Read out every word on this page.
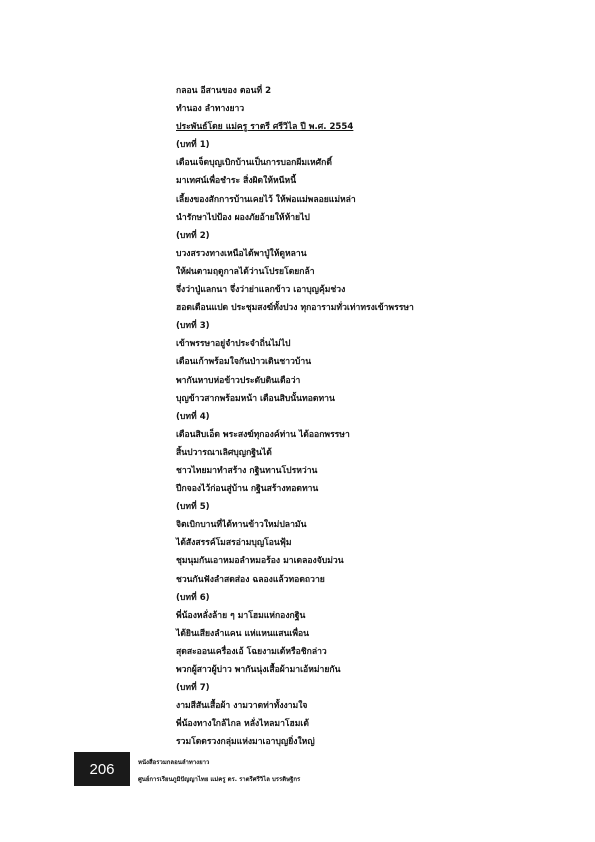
กลอน อีสานของ ตอนที่ 2
ทำนอง ลำทางยาว
ประพันธ์โดย แม่ครู ราตรี ศรีวิไล ปี พ.ศ. 2554
(บทที่ 1)
เดือนเจ็ดบุญเบิกบ้านเป็นการบอกผีมเหศักดิ์
มาเทศน์เพื่อชำระ สิ่งผิดให้หนีหนี้
เลี้ยงของสักการบ้านเคยไว้ ให้พ่อแม่พลอยแม่หล่า
นำรักษาไปป้อง ผองภัยอ้ายให้ห้ายไป
(บทที่ 2)
บวงสรวงทางเหนือได้พาปู่ให้ดูหลาน
ให้ฝนตามฤดูกาลได้ว่านโปรยโดยกล้า
จึ่งว่าปู่แลกนา จึ่งว่าย่าแลกข้าว เอาบุญคุ้มช่วง
ฮอดเดือนแปด ประชุมสงฆ์ทั้งปวง ทุกอารามทั่วเท่าทรงเข้าพรรษา
(บทที่ 3)
เข้าพรรษาอยู่จำประจำถิ่นไม่ไป
เดือนเก้าพร้อมใจกันป่าวเดินชาวบ้าน
พากันหาบห่อข้าวประดับดินเดือว่า
บุญข้าวสากพร้อมหน้า เดือนสิบนั้นทอดทาน
(บทที่ 4)
เดือนสิบเอ็ด พระสงฆ์ทุกองค์ท่าน ได้ออกพรรษา
สิ้นปวารณาเลิศบุญกฐินได้
ชาวไทยมาทำสร้าง กฐินทานโปรหว่าน
ปีกจองไว้ก่อนสู่บ้าน กฐินสร้างทอดทาน
(บทที่ 5)
จิตเบิกบานที่ได้ทานข้าวใหม่ปลามัน
ได้สังสรรค์โมสรอ่ามบุญโอนฟุ้ม
ชุมนุมกันเอาหมอลำหมอร้อง มาเดลองจับม่วน
ชวนกันฟังลำสดส่อง ฉลองแล้วทอดถวาย
(บทที่ 6)
พี่น้องหลั่งล้าย ๆ มาโฮมแห่กองกฐิน
ได้ยินเสียงลำแคน แห่แหนแสนเพื่อน
สุดสะออนเครื่องเอ้ โฉยงามเด้หรือชิกล่าว
พวกผู้สาวผู้บ่าว พากันนุ่งเสื้อผ้ามาเอ้หม่ายกัน
(บทที่ 7)
งามสีสันเสื้อผ้า งามวาดท่าทั้งงามใจ
พี่น้องทางใกล้ไกล หลั่งไหลมาโฮมเด้
รวมโดดรวงกลุ่มแห่งมาเอาบุญยิ่งใหญ่
206	หนังสือรวมกลอนลำทางยาว
ศูนย์การเรียนภูมิปัญญาไทย แม่ครู ดร. ราตรีศรีวิไล บรรดิษฐิกร
